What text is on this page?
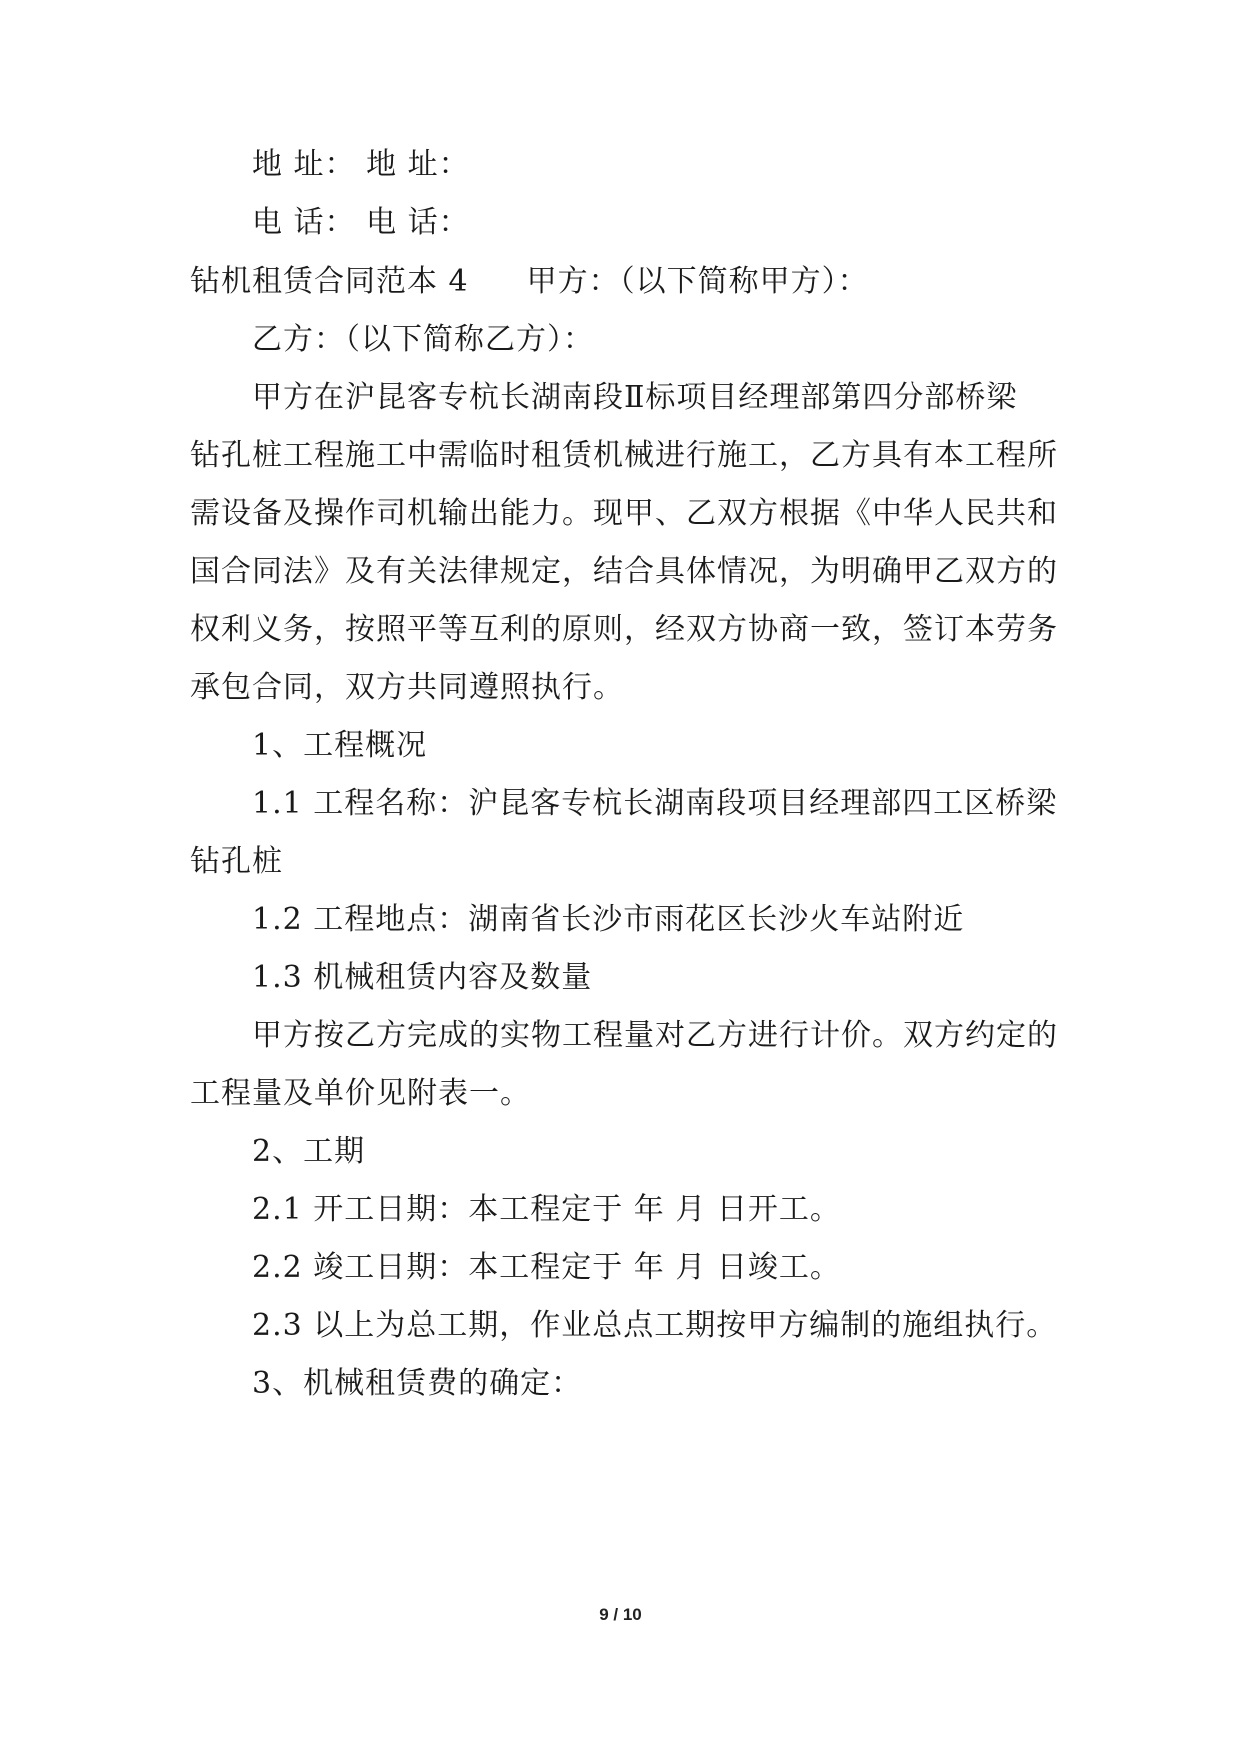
地 址： 地 址：
电 话： 电 话：
钻机租赁合同范本 4 甲方：（以下简称甲方）：
乙方：（以下简称乙方）：
甲方在沪昆客专杭长湖南段Ⅱ标项目经理部第四分部桥梁
钻孔桩工程施工中需临时租赁机械进行施工，乙方具有本工程所
需设备及操作司机输出能力。现甲、乙双方根据《中华人民共和
国合同法》及有关法律规定，结合具体情况，为明确甲乙双方的
权利义务，按照平等互利的原则，经双方协商一致，签订本劳务
承包合同，双方共同遵照执行。
1、工程概况
1.1 工程名称：沪昆客专杭长湖南段项目经理部四工区桥梁
钻孔桩
1.2 工程地点：湖南省长沙市雨花区长沙火车站附近
1.3 机械租赁内容及数量
甲方按乙方完成的实物工程量对乙方进行计价。双方约定的
工程量及单价见附表一。
2、工期
2.1 开工日期：本工程定于 年 月 日开工。
2.2 竣工日期：本工程定于 年 月 日竣工。
2.3 以上为总工期，作业总点工期按甲方编制的施组执行。
3、机械租赁费的确定：
9 / 10
